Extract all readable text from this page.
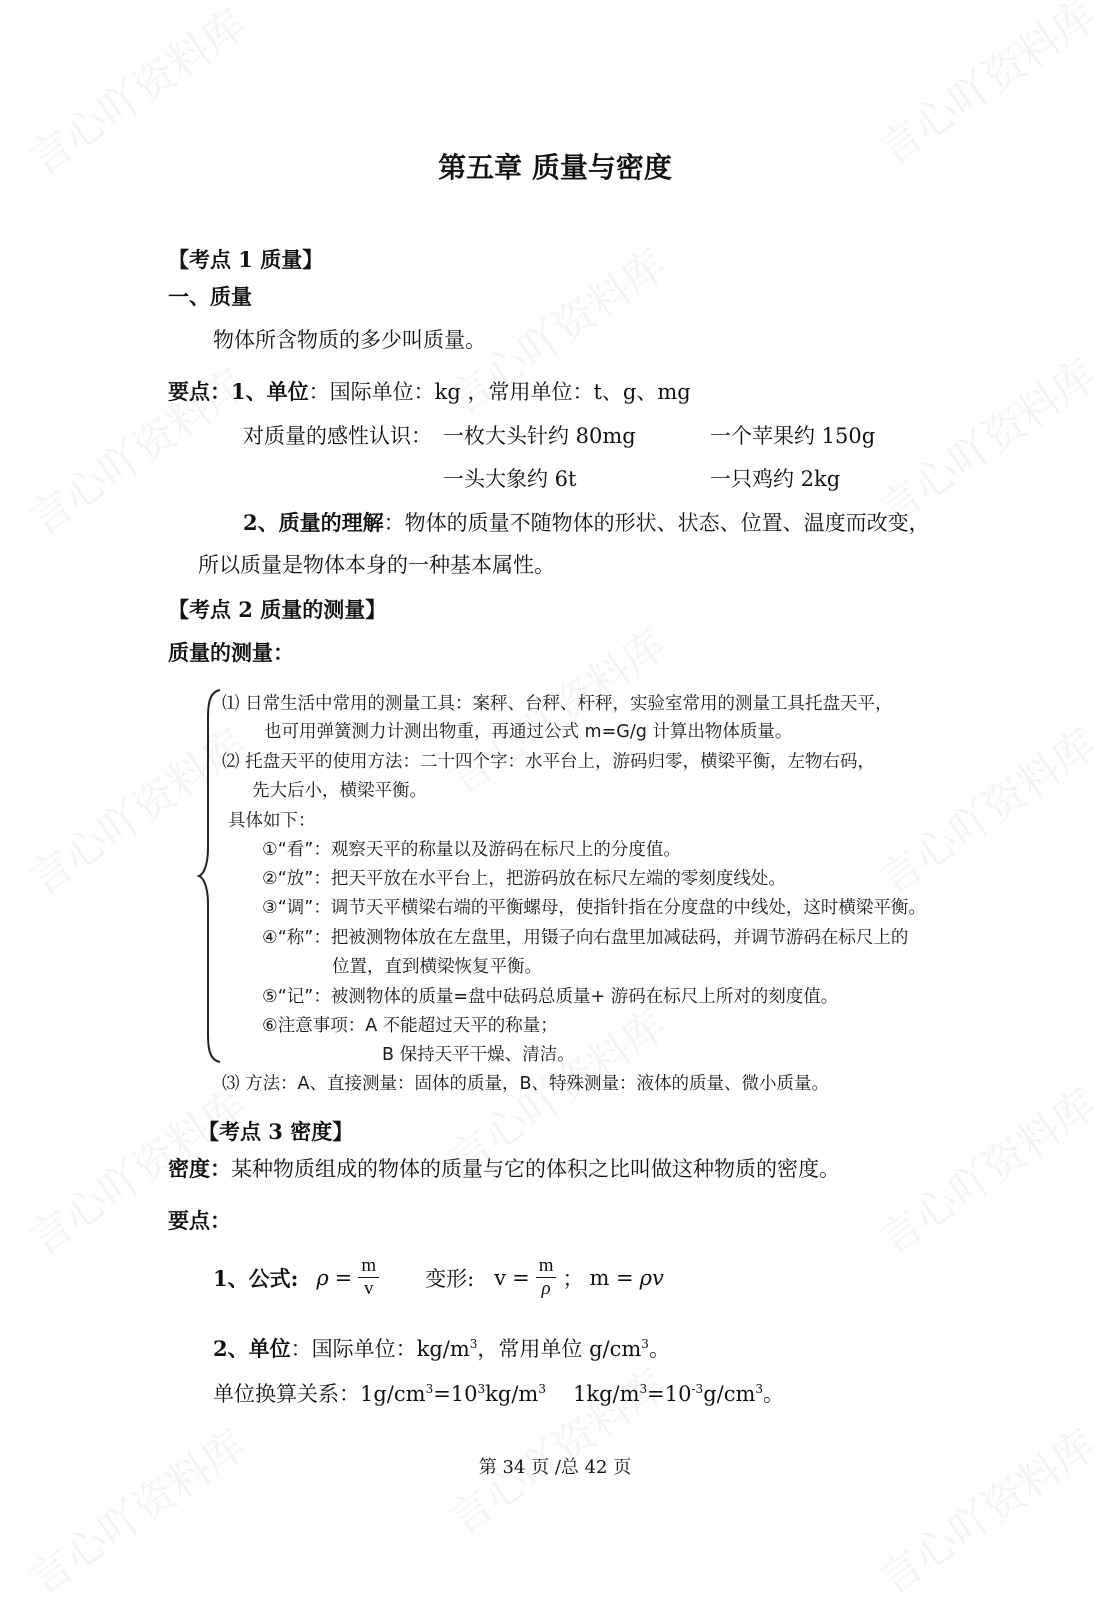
第五章 质量与密度
【考点 1 质量】
一、质量
物体所含物质的多少叫质量。
要点：1、单位：国际单位：kg ，常用单位：t、g、mg
对质量的感性认识： 一枚大头针约 80mg	一个苹果约 150g
一头大象约 6t	一只鸡约 2kg
2、质量的理解：物体的质量不随物体的形状、状态、位置、温度而改变，
所以质量是物体本身的一种基本属性。
【考点 2 质量的测量】
质量的测量：
⑴ 日常生活中常用的测量工具：案秤、台秤、杆秤，实验室常用的测量工具托盘天平，
也可用弹簧测力计测出物重，再通过公式 m=G/g 计算出物体质量。
⑵ 托盘天平的使用方法：二十四个字：水平台上，游码归零，横梁平衡，左物右码，
先大后小，横梁平衡。
具体如下：
①“看”：观察天平的称量以及游码在标尺上的分度值。
②“放”：把天平放在水平台上，把游码放在标尺左端的零刻度线处。
③“调”：调节天平横梁右端的平衡螺母，使指针指在分度盘的中线处，这时横梁平衡。
④“称”：把被测物体放在左盘里，用镊子向右盘里加减砝码，并调节游码在标尺上的
位置，直到横梁恢复平衡。
⑤“记”：被测物体的质量=盘中砝码总质量+ 游码在标尺上所对的刻度值。
⑥注意事项：A 不能超过天平的称量；
B 保持天平干燥、清洁。
⑶ 方法：A、直接测量：固体的质量，B、特殊测量：液体的质量、微小质量。
【考点 3 密度】
密度：某种物质组成的物体的质量与它的体积之比叫做这种物质的密度。
要点：
1、公式: $\rho = \frac{m}{v}$ 变形: $v = \frac{m}{\rho}$ ； m = ρv
2、单位：国际单位：$kg/m^3$，常用单位 $g/cm^3$。
单位换算关系：$1g/cm^3=10^3kg/m^3$ $1kg/m^3=10^{-3}g/cm^3$。
第 34 页 /总 42 页
